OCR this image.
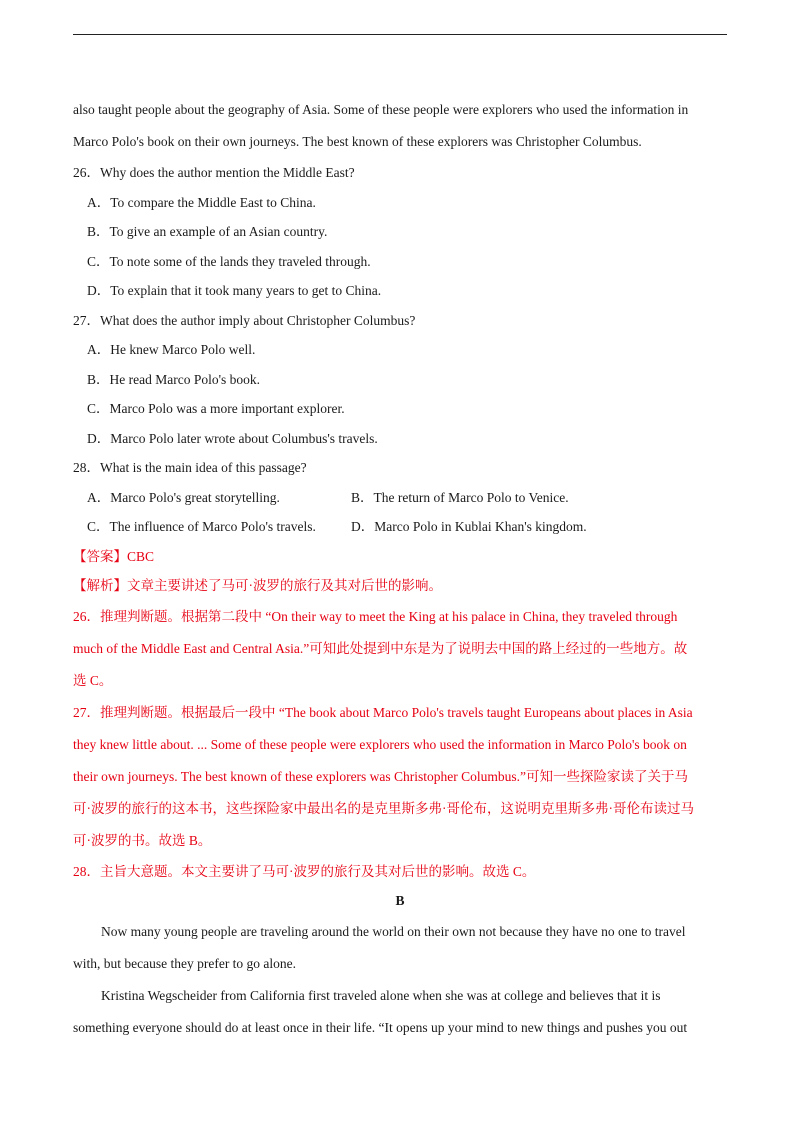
also taught people about the geography of Asia. Some of these people were explorers who used the information in
Marco Polo's book on their own journeys. The best known of these explorers was Christopher Columbus.
26．Why does the author mention the Middle East?
A．To compare the Middle East to China.
B．To give an example of an Asian country.
C．To note some of the lands they traveled through.
D．To explain that it took many years to get to China.
27．What does the author imply about Christopher Columbus?
A．He knew Marco Polo well.
B．He read Marco Polo's book.
C．Marco Polo was a more important explorer.
D．Marco Polo later wrote about Columbus's travels.
28．What is the main idea of this passage?
A．Marco Polo's great storytelling.	B．The return of Marco Polo to Venice.
C．The influence of Marco Polo's travels.	D．Marco Polo in Kublai Khan's kingdom.
【答案】CBC
【解析】文章主要讲述了马可·波罗的旅行及其对后世的影响。
26．推理判断题。根据第二段中 “On their way to meet the King at his palace in China, they traveled through
much of the Middle East and Central Asia.”可知此处提到中东是为了说明去中国的路上经过的一些地方。故
选 C。
27．推理判断题。根据最后一段中 “The book about Marco Polo's travels taught Europeans about places in Asia
they knew little about. ... Some of these people were explorers who used the information in Marco Polo's book on
their own journeys. The best known of these explorers was Christopher Columbus.”可知一些探险家读了关于马
可·波罗的旅行的这本书，这些探险家中最出名的是克里斯多弗·哥伦布，这说明克里斯多弗·哥伦布读过马
可·波罗的书。故选 B。
28．主旨大意题。本文主要讲了马可·波罗的旅行及其对后世的影响。故选 C。
B
Now many young people are traveling around the world on their own not because they have no one to travel
with, but because they prefer to go alone.
Kristina Wegscheider from California first traveled alone when she was at college and believes that it is
something everyone should do at least once in their life. “It opens up your mind to new things and pushes you out
